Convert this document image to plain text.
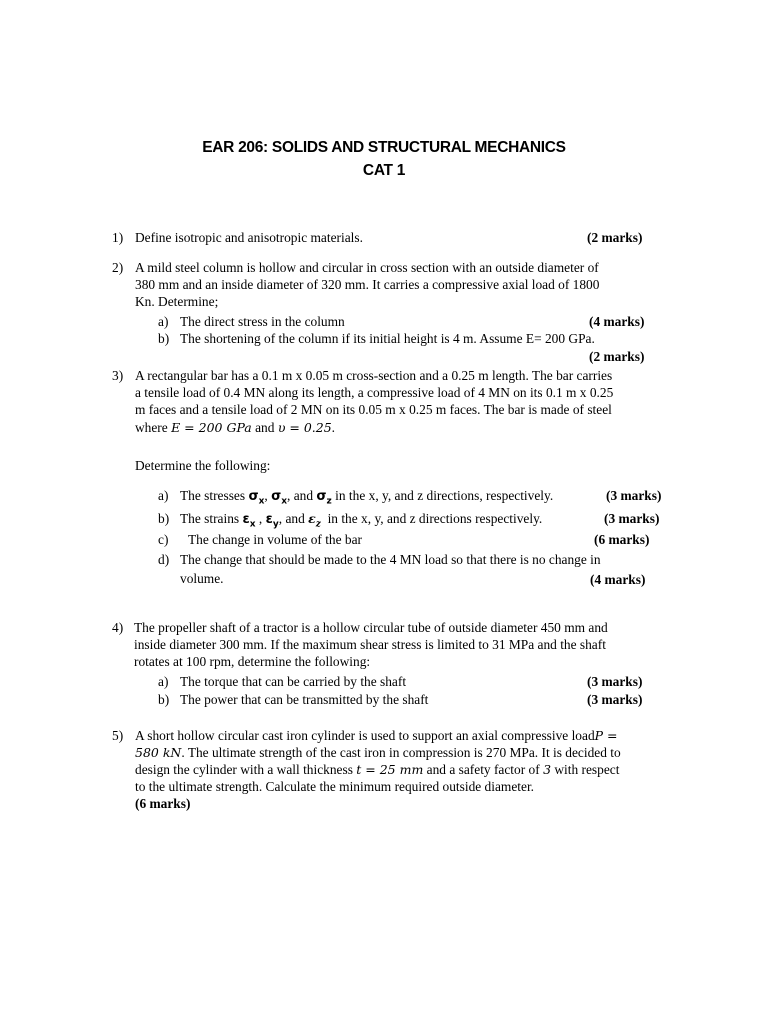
EAR 206: SOLIDS AND STRUCTURAL MECHANICS
CAT 1
1) Define isotropic and anisotropic materials.	(2 marks)
2) A mild steel column is hollow and circular in cross section with an outside diameter of
380 mm and an inside diameter of 320 mm. It carries a compressive axial load of 1800
Kn. Determine;
a) The direct stress in the column	(4 marks)
b) The shortening of the column if its initial height is 4 m. Assume E= 200 GPa.
(2 marks)
3) A rectangular bar has a 0.1 m x 0.05 m cross-section and a 0.25 m length. The bar carries
a tensile load of 0.4 MN along its length, a compressive load of 4 MN on its 0.1 m x 0.25
m faces and a tensile load of 2 MN on its 0.05 m x 0.25 m faces. The bar is made of steel
where E = 200 GPa and υ = 0.25.
Determine the following:
a) The stresses $\sigma_x$, $\sigma_x$, and $\sigma_z$ in the x, y, and z directions, respectively.	(3 marks)
b) The strains $\varepsilon_x$ , $\varepsilon_y$, and $\varepsilon_z$ in the x, y, and z directions respectively.	(3 marks)
c) The change in volume of the bar	(6 marks)
d) The change that should be made to the 4 MN load so that there is no change in
volume.	(4 marks)
4) The propeller shaft of a tractor is a hollow circular tube of outside diameter 450 mm and
inside diameter 300 mm. If the maximum shear stress is limited to 31 MPa and the shaft
rotates at 100 rpm, determine the following:
a) The torque that can be carried by the shaft	(3 marks)
b) The power that can be transmitted by the shaft	(3 marks)
5) A short hollow circular cast iron cylinder is used to support an axial compressive loadP =
580 kN. The ultimate strength of the cast iron in compression is 270 MPa. It is decided to
design the cylinder with a wall thickness t = 25 mm and a safety factor of 3 with respect
to the ultimate strength. Calculate the minimum required outside diameter.
(6 marks)
